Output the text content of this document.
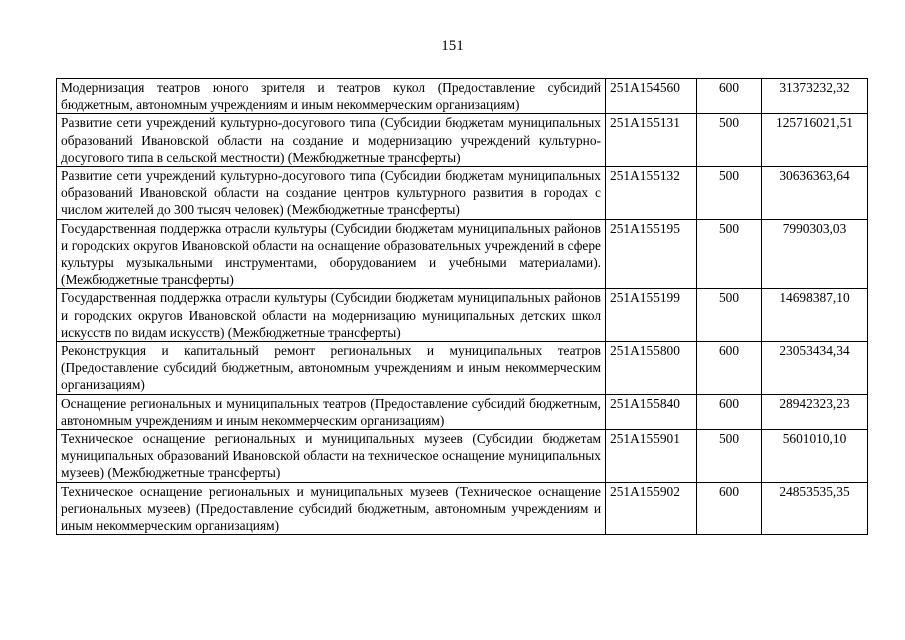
151
Модернизация театров юного зрителя и театров кукол (Предоставление субсидий бюджетным, автономным учреждениям и иным некоммерческим организациям)	251A154560	600	31373232,32
Развитие сети учреждений культурно-досугового типа (Субсидии бюджетам муниципальных образований Ивановской области на создание и модернизацию учреждений культурно-досугового типа в сельской местности) (Межбюджетные трансферты)	251A155131	500	125716021,51
Развитие сети учреждений культурно-досугового типа (Субсидии бюджетам муниципальных образований Ивановской области на создание центров культурного развития в городах с числом жителей до 300 тысяч человек) (Межбюджетные трансферты)	251A155132	500	30636363,64
Государственная поддержка отрасли культуры (Субсидии бюджетам муниципальных районов и городских округов Ивановской области на оснащение образовательных учреждений в сфере культуры музыкальными инструментами, оборудованием и учебными материалами). (Межбюджетные трансферты)	251A155195	500	7990303,03
Государственная поддержка отрасли культуры (Субсидии бюджетам муниципальных районов и городских округов Ивановской области на модернизацию муниципальных детских школ искусств по видам искусств) (Межбюджетные трансферты)	251A155199	500	14698387,10
Реконструкция и капитальный ремонт региональных и муниципальных театров (Предоставление субсидий бюджетным, автономным учреждениям и иным некоммерческим организациям)	251A155800	600	23053434,34
Оснащение региональных и муниципальных театров (Предоставление субсидий бюджетным, автономным учреждениям и иным некоммерческим организациям)	251A155840	600	28942323,23
Техническое оснащение региональных и муниципальных музеев (Субсидии бюджетам муниципальных образований Ивановской области на техническое оснащение муниципальных музеев) (Межбюджетные трансферты)	251A155901	500	5601010,10
Техническое оснащение региональных и муниципальных музеев (Техническое оснащение региональных музеев) (Предоставление субсидий бюджетным, автономным учреждениям и иным некоммерческим организациям)	251A155902	600	24853535,35
